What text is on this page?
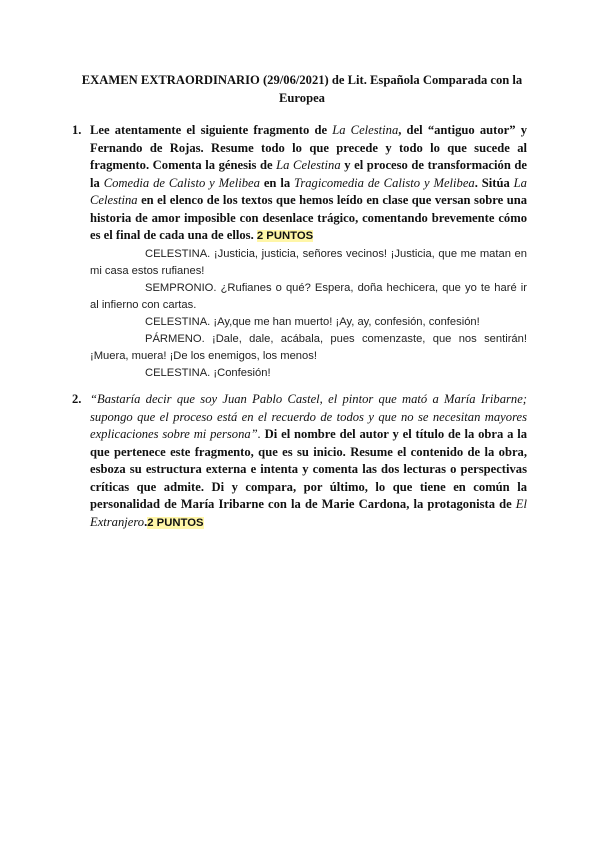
EXAMEN EXTRAORDINARIO (29/06/2021) de Lit. Española Comparada con la Europea
1. Lee atentamente el siguiente fragmento de La Celestina, del “antiguo autor” y Fernando de Rojas. Resume todo lo que precede y todo lo que sucede al fragmento. Comenta la génesis de La Celestina y el proceso de transformación de la Comedia de Calisto y Melibea en la Tragicomedia de Calisto y Melibea. Sitúa La Celestina en el elenco de los textos que hemos leído en clase que versan sobre una historia de amor imposible con desenlace trágico, comentando brevemente cómo es el final de cada una de ellos. 2 PUNTOS

CELESTINA. ¡Justicia, justicia, señores vecinos! ¡Justicia, que me matan en mi casa estos rufianes!

SEMPRONIO. ¿Rufianes o qué? Espera, doña hechicera, que yo te haré ir al infierno con cartas.

CELESTINA. ¡Ay,que me han muerto! ¡Ay, ay, confesión, confesión!

PÁRMENO. ¡Dale, dale, acábala, pues comenzaste, que nos sentirán! ¡Muera, muera! ¡De los enemigos, los menos!

CELESTINA. ¡Confesión!

2. “Bastaría decir que soy Juan Pablo Castel, el pintor que mató a María Iribarne; supongo que el proceso está en el recuerdo de todos y que no se necesitan mayores explicaciones sobre mi persona”. Di el nombre del autor y el título de la obra a la que pertenece este fragmento, que es su inicio. Resume el contenido de la obra, esboza su estructura externa e intenta y comenta las dos lecturas o perspectivas críticas que admite. Di y compara, por último, lo que tiene en común la personalidad de María Iribarne con la de Marie Cardona, la protagonista de El Extranjero.2 PUNTOS
